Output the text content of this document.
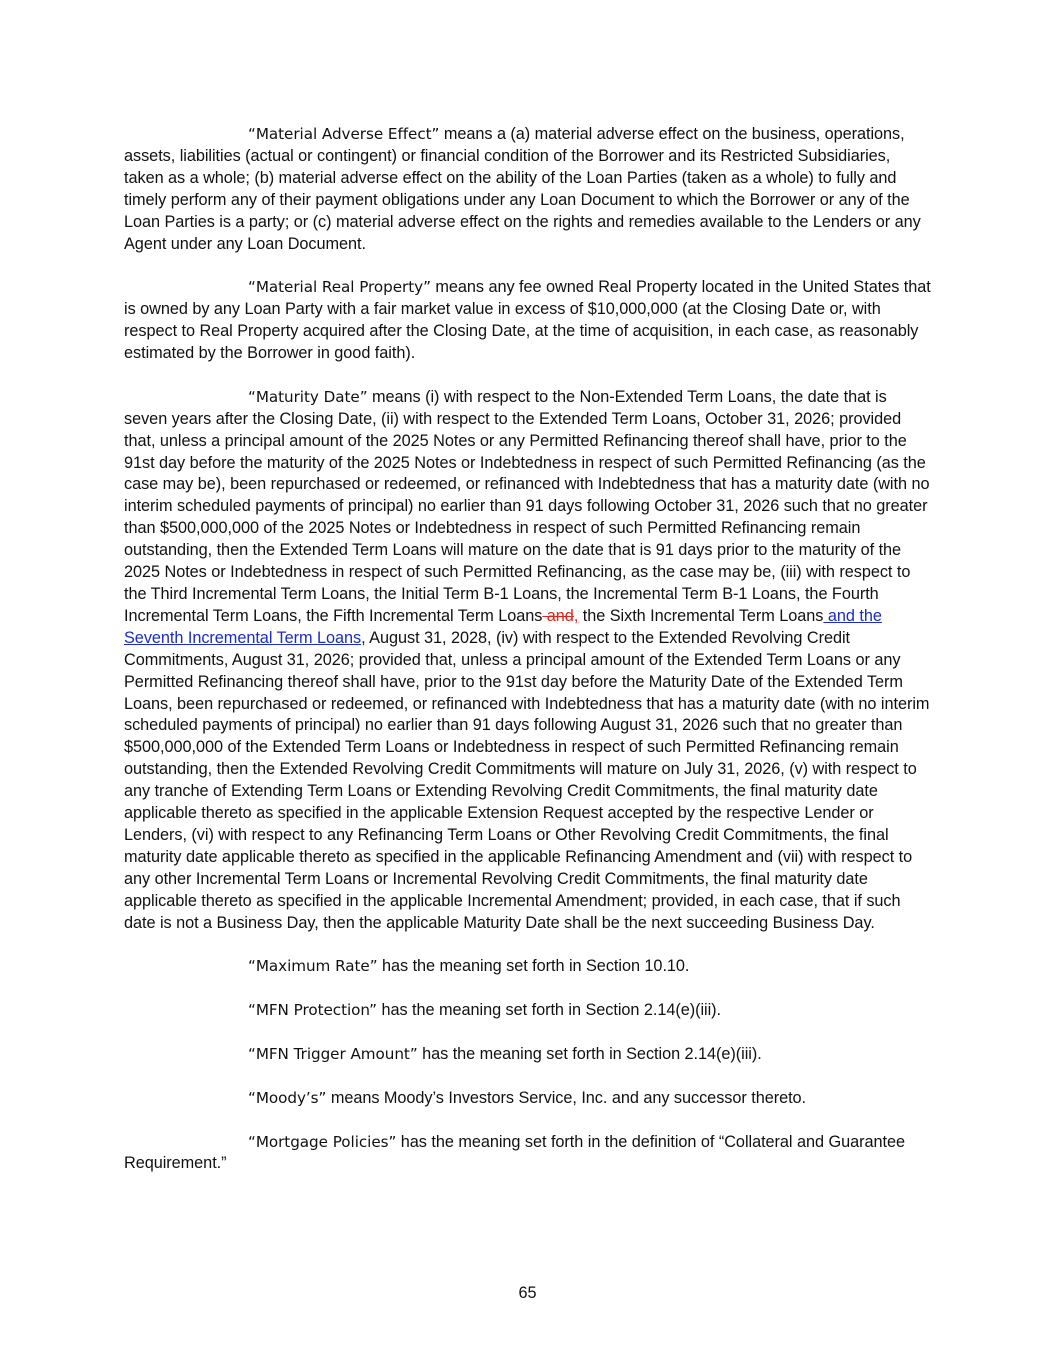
“Material Adverse Effect” means a (a) material adverse effect on the business, operations, assets, liabilities (actual or contingent) or financial condition of the Borrower and its Restricted Subsidiaries, taken as a whole; (b) material adverse effect on the ability of the Loan Parties (taken as a whole) to fully and timely perform any of their payment obligations under any Loan Document to which the Borrower or any of the Loan Parties is a party; or (c) material adverse effect on the rights and remedies available to the Lenders or any Agent under any Loan Document.

“Material Real Property” means any fee owned Real Property located in the United States that is owned by any Loan Party with a fair market value in excess of $10,000,000 (at the Closing Date or, with respect to Real Property acquired after the Closing Date, at the time of acquisition, in each case, as reasonably estimated by the Borrower in good faith).

“Maturity Date” means (i) with respect to the Non-Extended Term Loans, the date that is seven years after the Closing Date, (ii) with respect to the Extended Term Loans, October 31, 2026; provided that, unless a principal amount of the 2025 Notes or any Permitted Refinancing thereof shall have, prior to the 91st day before the maturity of the 2025 Notes or Indebtedness in respect of such Permitted Refinancing (as the case may be), been repurchased or redeemed, or refinanced with Indebtedness that has a maturity date (with no interim scheduled payments of principal) no earlier than 91 days following October 31, 2026 such that no greater than $500,000,000 of the 2025 Notes or Indebtedness in respect of such Permitted Refinancing remain outstanding, then the Extended Term Loans will mature on the date that is 91 days prior to the maturity of the 2025 Notes or Indebtedness in respect of such Permitted Refinancing, as the case may be, (iii) with respect to the Third Incremental Term Loans, the Initial Term B-1 Loans, the Incremental Term B-1 Loans, the Fourth Incremental Term Loans, the Fifth Incremental Term Loans and, the Sixth Incremental Term Loans and the Seventh Incremental Term Loans, August 31, 2028, (iv) with respect to the Extended Revolving Credit Commitments, August 31, 2026; provided that, unless a principal amount of the Extended Term Loans or any Permitted Refinancing thereof shall have, prior to the 91st day before the Maturity Date of the Extended Term Loans, been repurchased or redeemed, or refinanced with Indebtedness that has a maturity date (with no interim scheduled payments of principal) no earlier than 91 days following August 31, 2026 such that no greater than $500,000,000 of the Extended Term Loans or Indebtedness in respect of such Permitted Refinancing remain outstanding, then the Extended Revolving Credit Commitments will mature on July 31, 2026, (v) with respect to any tranche of Extending Term Loans or Extending Revolving Credit Commitments, the final maturity date applicable thereto as specified in the applicable Extension Request accepted by the respective Lender or Lenders, (vi) with respect to any Refinancing Term Loans or Other Revolving Credit Commitments, the final maturity date applicable thereto as specified in the applicable Refinancing Amendment and (vii) with respect to any other Incremental Term Loans or Incremental Revolving Credit Commitments, the final maturity date applicable thereto as specified in the applicable Incremental Amendment; provided, in each case, that if such date is not a Business Day, then the applicable Maturity Date shall be the next succeeding Business Day.

“Maximum Rate” has the meaning set forth in Section 10.10.

“MFN Protection” has the meaning set forth in Section 2.14(e)(iii).

“MFN Trigger Amount” has the meaning set forth in Section 2.14(e)(iii).

“Moody’s” means Moody’s Investors Service, Inc. and any successor thereto.

“Mortgage Policies” has the meaning set forth in the definition of “Collateral and Guarantee Requirement.”

65
